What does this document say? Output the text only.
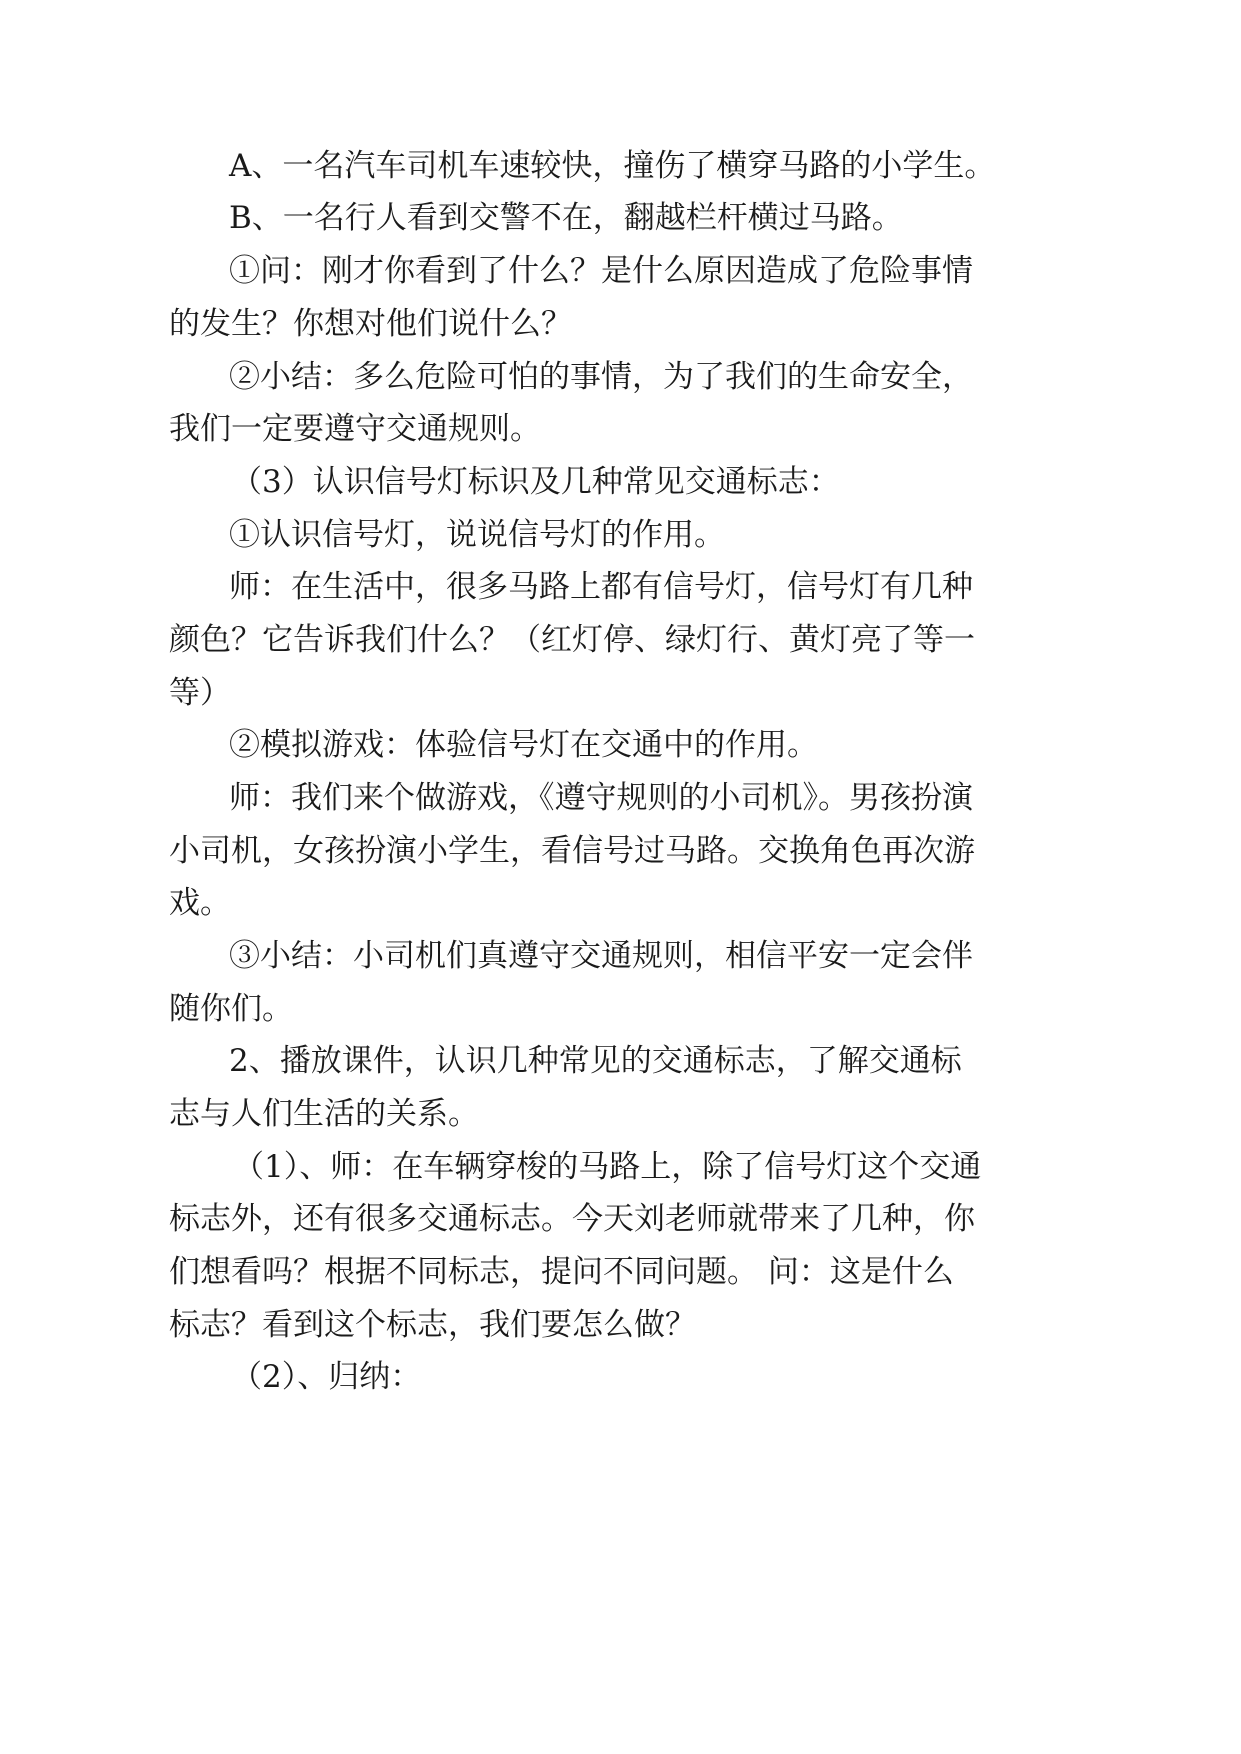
A、一名汽车司机车速较快，撞伤了横穿马路的小学生。
B、一名行人看到交警不在，翻越栏杆横过马路。
①问：刚才你看到了什么？是什么原因造成了危险事情
的发生？你想对他们说什么？
②小结：多么危险可怕的事情，为了我们的生命安全，
我们一定要遵守交通规则。
（3）认识信号灯标识及几种常见交通标志：
①认识信号灯，说说信号灯的作用。
师：在生活中，很多马路上都有信号灯，信号灯有几种
颜色？它告诉我们什么？（红灯停、绿灯行、黄灯亮了等一
等）
②模拟游戏：体验信号灯在交通中的作用。
师：我们来个做游戏，《遵守规则的小司机》。男孩扮演
小司机，女孩扮演小学生，看信号过马路。交换角色再次游
戏。
③小结：小司机们真遵守交通规则，相信平安一定会伴
随你们。
2、播放课件，认识几种常见的交通标志，了解交通标
志与人们生活的关系。
（1）、师：在车辆穿梭的马路上，除了信号灯这个交通
标志外，还有很多交通标志。今天刘老师就带来了几种，你
们想看吗？根据不同标志，提问不同问题。 问：这是什么
标志？看到这个标志，我们要怎么做？
（2）、归纳：
